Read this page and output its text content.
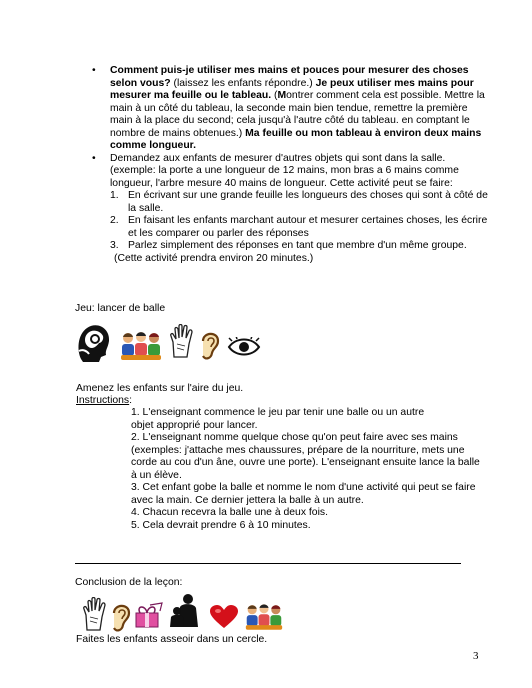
• Comment puis-je utiliser mes mains et pouces pour mesurer des choses selon vous? (laissez les enfants répondre.) Je peux utiliser mes mains pour mesurer ma feuille ou le tableau. (Montrer comment cela est possible. Mettre la main à un côté du tableau, la seconde main bien tendue, remettre la première main à la place du second; cela jusqu'à l'autre côté du tableau. en comptant le nombre de mains obtenues.) Ma feuille ou mon tableau à environ deux mains comme longueur.
• Demandez aux enfants de mesurer d'autres objets qui sont dans la salle. (exemple: la porte a une longueur de 12 mains, mon bras a 6 mains comme longueur, l'arbre mesure 40 mains de longueur. Cette activité peut se faire:
1. En écrivant sur une grande feuille les longueurs des choses qui sont à côté de la salle.
2. En faisant les enfants marchant autour et mesurer certaines choses, les écrire et les comparer ou parler des réponses
3. Parlez simplement des réponses en tant que membre d'un même groupe.
(Cette activité prendra environ 20 minutes.)
Jeu: lancer de balle
Amenez les enfants sur l'aire du jeu.
Instructions:
1. L'enseignant commence le jeu par tenir une balle ou un autre
objet approprié pour lancer.
2. L'enseignant nomme quelque chose qu'on peut faire avec ses mains
(exemples: j'attache mes chaussures, prépare de la nourriture, mets une
corde au cou d'un âne, ouvre une porte). L'enseignant ensuite lance la balle
à un élève.
3. Cet enfant gobe la balle et nomme le nom d'une activité qui peut se faire
avec la main. Ce dernier jettera la balle à un autre.
4. Chacun recevra la balle une à deux fois.
5. Cela devrait prendre 6 à 10 minutes.
Conclusion de la leçon:
Faites les enfants asseoir dans un cercle.
3
